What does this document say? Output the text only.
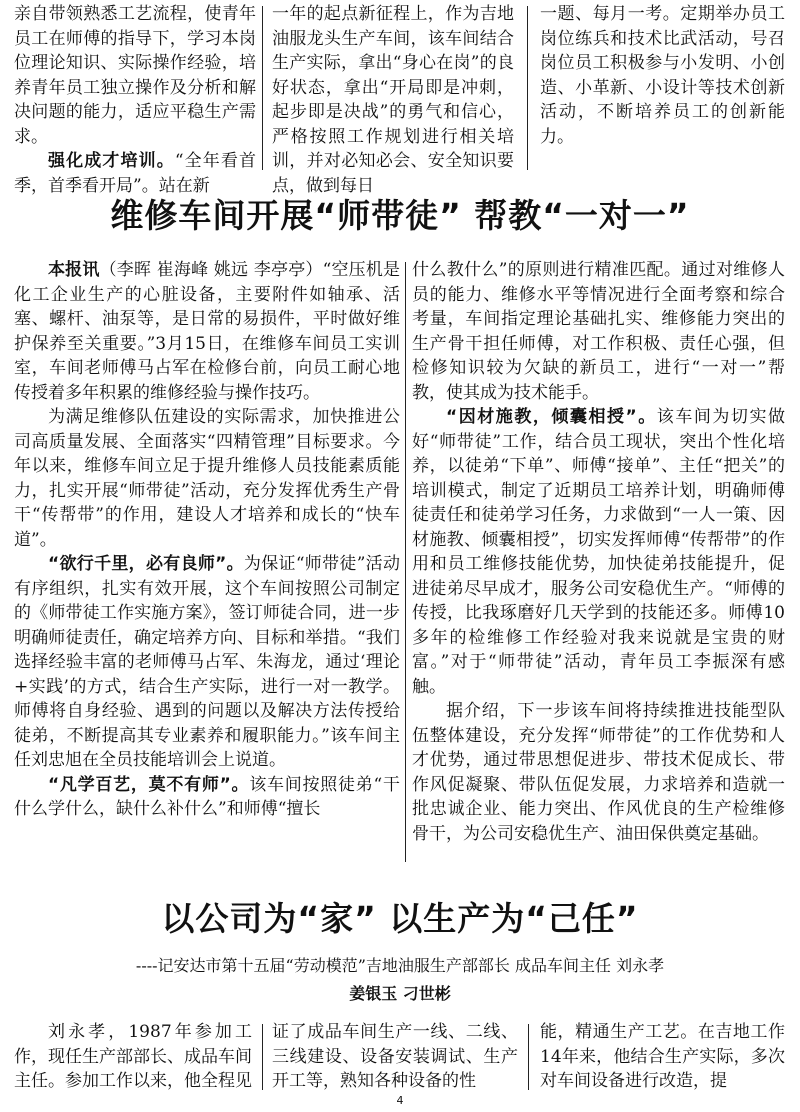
亲自带领熟悉工艺流程，使青年员工在师傅的指导下，学习本岗位理论知识、实际操作经验，培养青年员工独立操作及分析和解决问题的能力，适应平稳生产需求。

强化成才培训。“全年看首季，首季看开局”。站在新

一年的起点新征程上，作为吉地油服龙头生产车间，该车间结合生产实际，拿出“身心在岗”的良好状态，拿出“开局即是冲刺，起步即是决战”的勇气和信心，严格按照工作规划进行相关培训，并对必知必会、安全知识要点，做到每日

一题、每月一考。定期举办员工岗位练兵和技术比武活动，号召岗位员工积极参与小发明、小创造、小革新、小设计等技术创新活动，不断培养员工的创新能力。

维修车间开展“师带徒” 帮教“一对一”

本报讯（李晖 崔海峰 姚远 李亭亭）“空压机是化工企业生产的心脏设备，主要附件如轴承、活塞、螺杆、油泵等，是日常的易损件，平时做好维护保养至关重要。”3月15日，在维修车间员工实训室，车间老师傅马占军在检修台前，向员工耐心地传授着多年积累的维修经验与操作技巧。

为满足维修队伍建设的实际需求，加快推进公司高质量发展、全面落实“四精管理”目标要求。今年以来，维修车间立足于提升维修人员技能素质能力，扎实开展“师带徒”活动，充分发挥优秀生产骨干“传帮带”的作用，建设人才培养和成长的“快车道”。

“欲行千里，必有良师”。为保证“师带徒”活动有序组织，扎实有效开展，这个车间按照公司制定的《师带徒工作实施方案》，签订师徒合同，进一步明确师徒责任，确定培养方向、目标和举措。“我们选择经验丰富的老师傅马占军、朱海龙，通过‘理论+实践’的方式，结合生产实际，进行一对一教学。师傅将自身经验、遇到的问题以及解决方法传授给徒弟，不断提高其专业素养和履职能力。”该车间主任刘忠旭在全员技能培训会上说道。

“凡学百艺，莫不有师”。该车间按照徒弟“干什么学什么，缺什么补什么”和师傅“擅长

什么教什么”的原则进行精准匹配。通过对维修人员的能力、维修水平等情况进行全面考察和综合考量，车间指定理论基础扎实、维修能力突出的生产骨干担任师傅，对工作积极、责任心强，但检修知识较为欠缺的新员工，进行“一对一”帮教，使其成为技术能手。

“因材施教，倾囊相授”。该车间为切实做好“师带徒”工作，结合员工现状，突出个性化培养，以徒弟“下单”、师傅“接单”、主任“把关”的培训模式，制定了近期员工培养计划，明确师傅徒责任和徒弟学习任务，力求做到“一人一策、因材施教、倾囊相授”，切实发挥师傅“传帮带”的作用和员工维修技能优势，加快徒弟技能提升，促进徒弟尽早成才，服务公司安稳优生产。“师傅的传授，比我琢磨好几天学到的技能还多。师傅10多年的检维修工作经验对我来说就是宝贵的财富。”对于“师带徒”活动，青年员工李振深有感触。

据介绍，下一步该车间将持续推进技能型队伍整体建设，充分发挥“师带徒”的工作优势和人才优势，通过带思想促进步、带技术促成长、带作风促凝聚、带队伍促发展，力求培养和造就一批忠诚企业、能力突出、作风优良的生产检维修骨干，为公司安稳优生产、油田保供奠定基础。

以公司为“家” 以生产为“己任”
----记安达市第十五届“劳动模范”吉地油服生产部部长 成品车间主任 刘永孝
姜银玉 刁世彬

刘永孝，1987年参加工作，现任生产部部长、成品车间主任。参加工作以来，他全程见

证了成品车间生产一线、二线、三线建设、设备安装调试、生产开工等，熟知各种设备的性

能，精通生产工艺。在吉地工作14年来，他结合生产实际，多次对车间设备进行改造，提

4
